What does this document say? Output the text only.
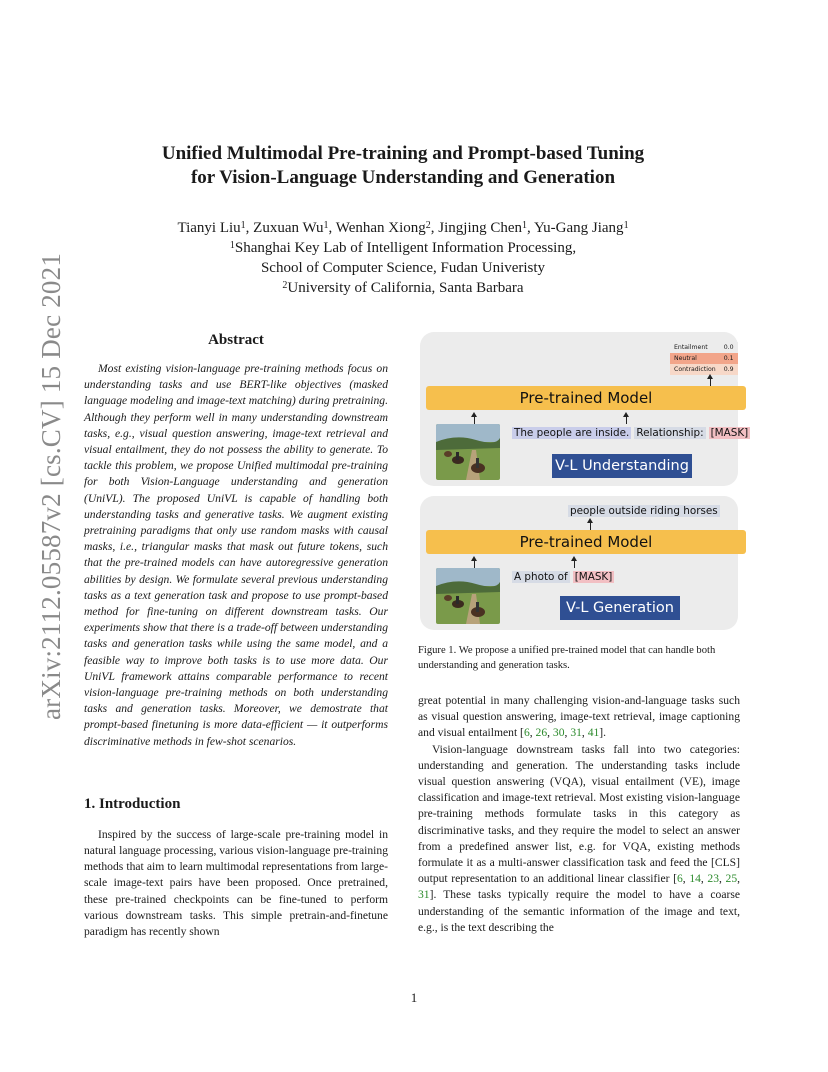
arXiv:2112.05587v2 [cs.CV] 15 Dec 2021
Unified Multimodal Pre-training and Prompt-based Tuning
for Vision-Language Understanding and Generation
Tianyi Liu$^1$, Zuxuan Wu$^1$, Wenhan Xiong$^2$, Jingjing Chen$^1$, Yu-Gang Jiang$^1$
$^1$Shanghai Key Lab of Intelligent Information Processing,
School of Computer Science, Fudan Univeristy
$^2$University of California, Santa Barbara
Abstract

Most existing vision-language pre-training methods focus on understanding tasks and use BERT-like objectives (masked language modeling and image-text matching) during pretraining. Although they perform well in many understanding downstream tasks, e.g., visual question answering, image-text retrieval and visual entailment, they do not possess the ability to generate. To tackle this problem, we propose Unified multimodal pre-training for both Vision-Language understanding and generation (UniVL). The proposed UniVL is capable of handling both understanding tasks and generative tasks. We augment existing pretraining paradigms that only use random masks with causal masks, i.e., triangular masks that mask out future tokens, such that the pre-trained models can have autoregressive generation abilities by design. We formulate several previous understanding tasks as a text generation task and propose to use prompt-based method for fine-tuning on different downstream tasks. Our experiments show that there is a trade-off between understanding tasks and generation tasks while using the same model, and a feasible way to improve both tasks is to use more data. Our UniVL framework attains comparable performance to recent vision-language pre-training methods on both understanding tasks and generation tasks. Moreover, we demostrate that prompt-based finetuning is more data-efficient — it outperforms discriminative methods in few-shot scenarios.

1. Introduction

Inspired by the success of large-scale pre-training model in natural language processing, various vision-language pre-training methods that aim to learn multimodal representations from large-scale image-text pairs have been proposed. Once pretrained, these pre-trained checkpoints can be fine-tuned to perform various downstream tasks. This simple pretrain-and-finetune paradigm has recently shown

Entailment	0.0
Neutral	0.1
Contradiction	0.9
Pre-trained Model
The people are inside. Relationship: [MASK]
V-L Understanding
people outside riding horses
Pre-trained Model
A photo of [MASK]
V-L Generation

Figure 1. We propose a unified pre-trained model that can handle both understanding and generation tasks.

great potential in many challenging vision-and-language tasks such as visual question answering, image-text retrieval, image captioning and visual entailment [6, 26, 30, 31, 41].

Vision-language downstream tasks fall into two categories: understanding and generation. The understanding tasks include visual question answering (VQA), visual entailment (VE), image classification and image-text retrieval. Most existing vision-language pre-training methods formulate tasks in this category as discriminative tasks, and they require the model to select an answer from a predefined answer list, e.g. for VQA, existing methods formulate it as a multi-answer classification task and feed the [CLS] output representation to an additional linear classifier [6, 14, 23, 25, 31]. These tasks typically require the model to have a coarse understanding of the semantic information of the image and text, e.g., is the text describing the

1
